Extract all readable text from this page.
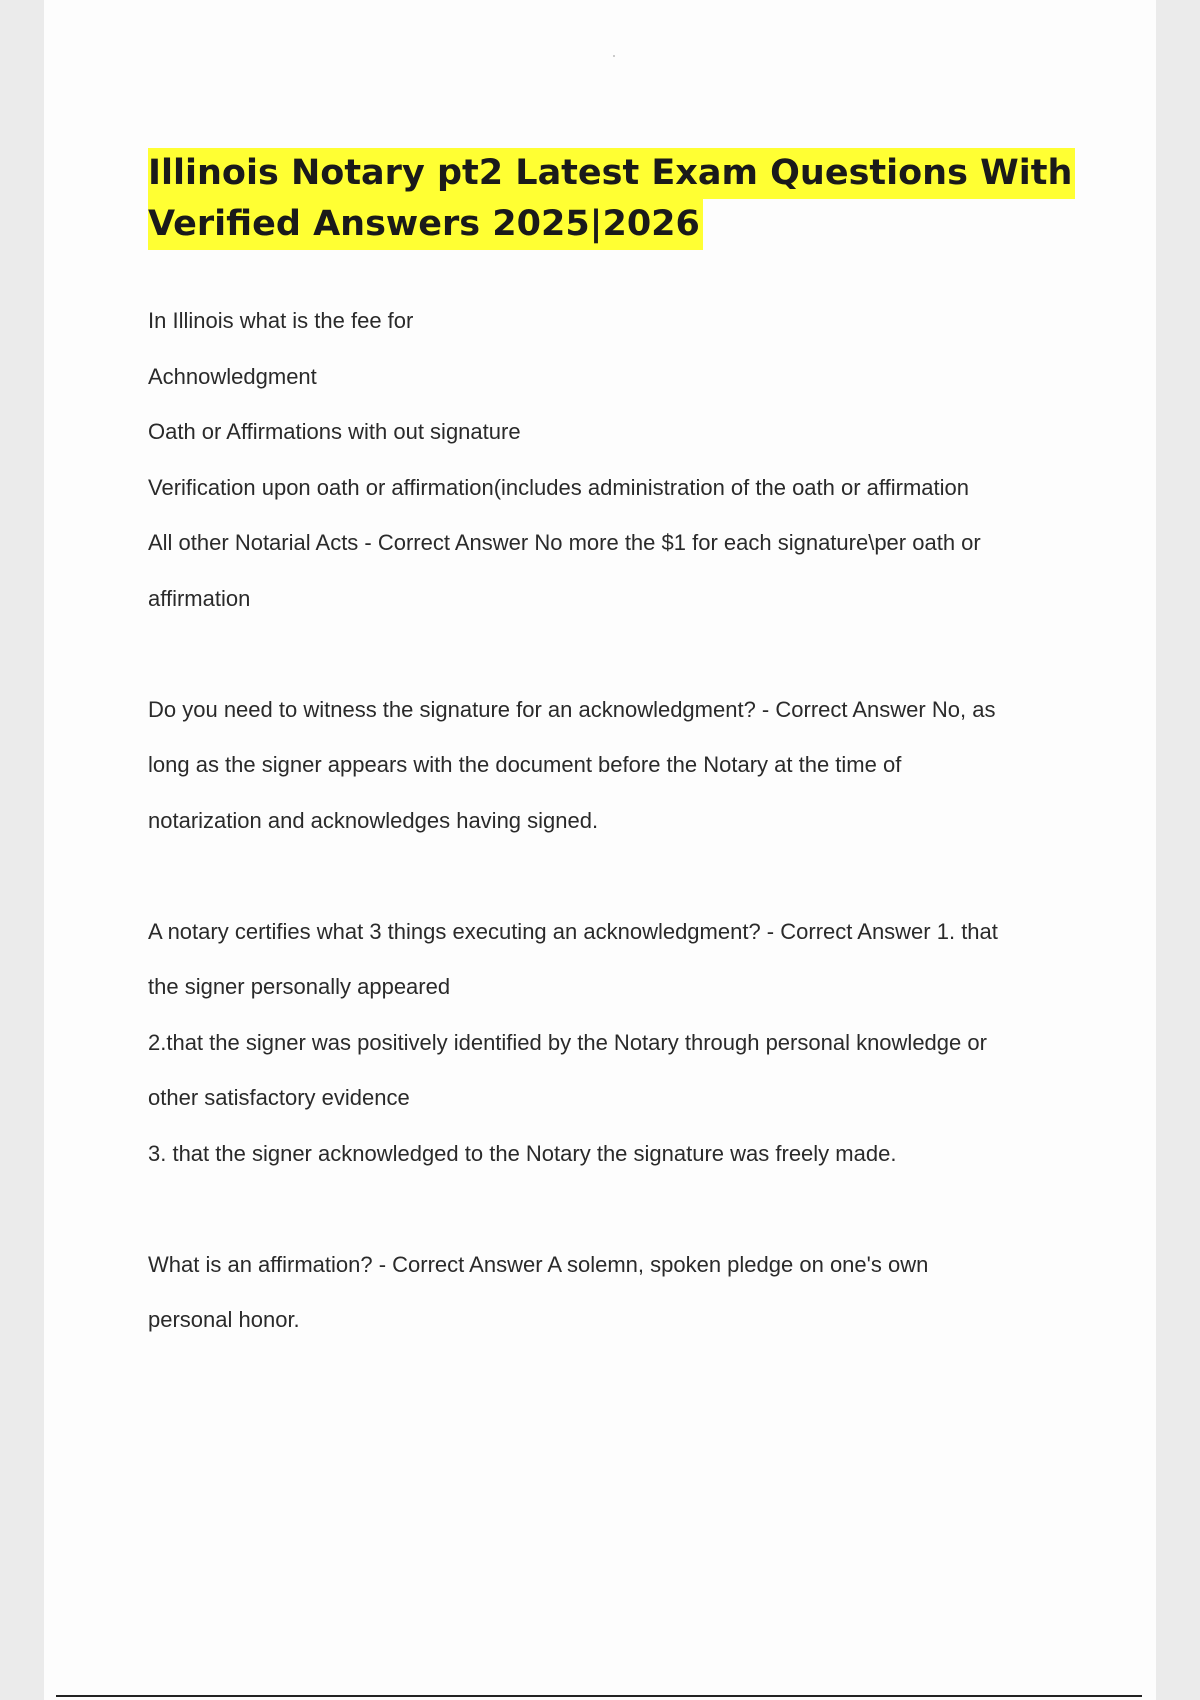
Illinois Notary pt2 Latest Exam Questions With
Verified Answers 2025|2026

In Illinois what is the fee for

Achnowledgment

Oath or Affirmations with out signature

Verification upon oath or affirmation(includes administration of the oath or affirmation

All other Notarial Acts - Correct Answer No more the $1 for each signature\per oath or

affirmation

Do you need to witness the signature for an acknowledgment? - Correct Answer No, as

long as the signer appears with the document before the Notary at the time of

notarization and acknowledges having signed.

A notary certifies what 3 things executing an acknowledgment? - Correct Answer 1. that

the signer personally appeared

2.that the signer was positively identified by the Notary through personal knowledge or

other satisfactory evidence

3. that the signer acknowledged to the Notary the signature was freely made.

What is an affirmation? - Correct Answer A solemn, spoken pledge on one's own

personal honor.
